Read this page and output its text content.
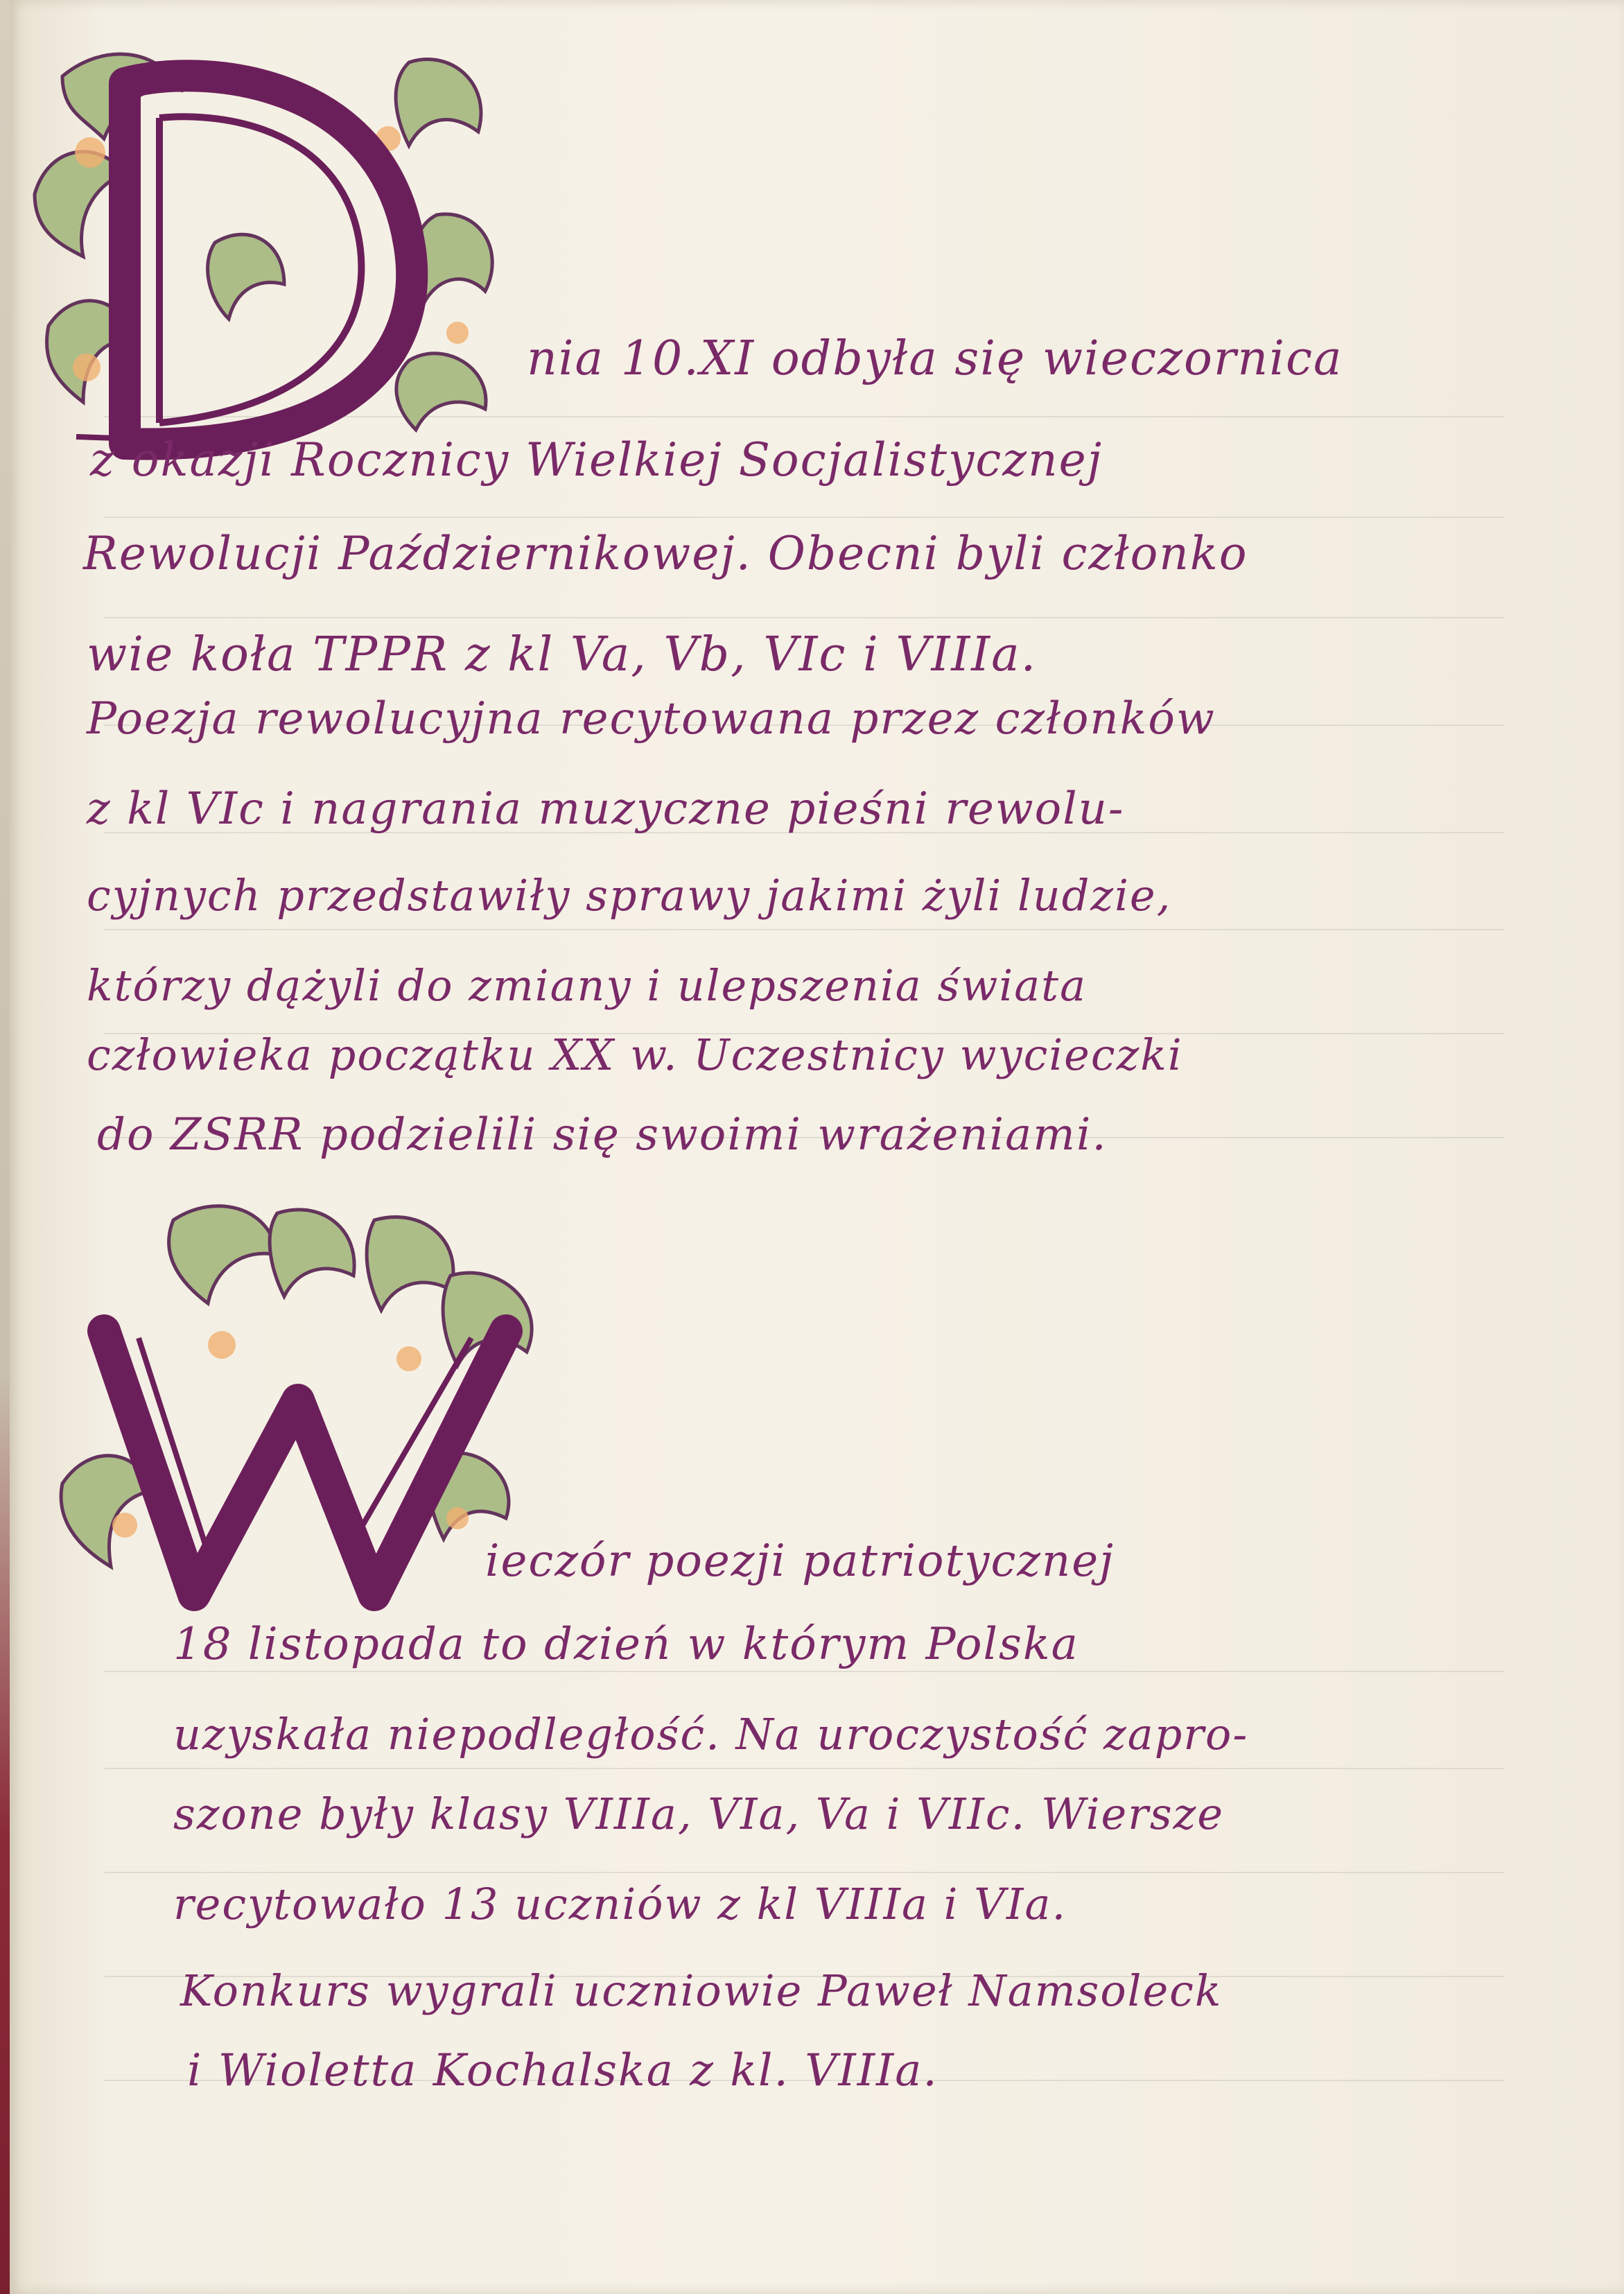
nia 10.XI odbyła się wieczornica

z okazji Rocznicy Wielkiej Socjalistycznej

Rewolucji Październikowej. Obecni byli członko

wie koła TPPR z kl Va, Vb, VIc i VIIIa.

Poezja rewolucyjna recytowana przez członków

z kl VIc i nagrania muzyczne pieśni rewolu-

cyjnych przedstawiły sprawy jakimi żyli ludzie,

którzy dążyli do zmiany i ulepszenia świata

człowieka początku XX w. Uczestnicy wycieczki

do ZSRR podzielili się swoimi wrażeniami.

ieczór poezji patriotycznej

18 listopada to dzień w którym Polska

uzyskała niepodległość. Na uroczystość zapro-

szone były klasy VIIIa, VIa, Va i VIIc. Wiersze

recytowało 13 uczniów z kl VIIIa i VIa.

Konkurs wygrali uczniowie Paweł Namsoleck

i Wioletta Kochalska z kl. VIIIa.
